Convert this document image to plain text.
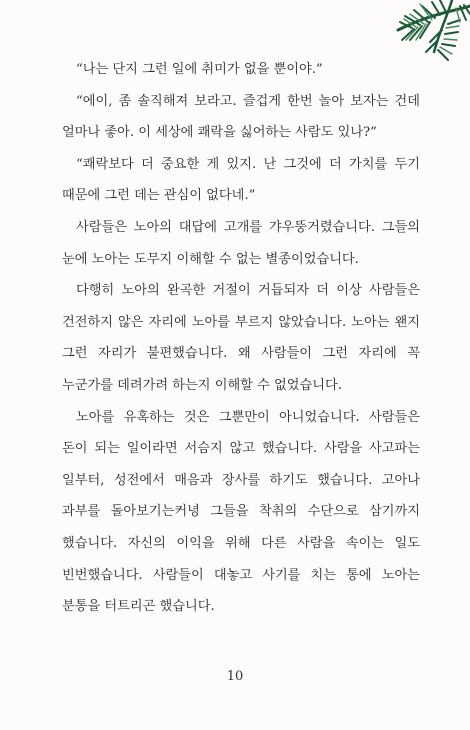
“나는 단지 그런 일에 취미가 없을 뿐이야.”

“에이, 좀 솔직해져 보라고. 즐겁게 한번 놀아 보자는 건데 얼마나 좋아. 이 세상에 쾌락을 싫어하는 사람도 있나?”

“쾌락보다 더 중요한 게 있지. 난 그것에 더 가치를 두기 때문에 그런 데는 관심이 없다네.”

사람들은 노아의 대답에 고개를 갸우뚱거렸습니다. 그들의 눈에 노아는 도무지 이해할 수 없는 별종이었습니다.

다행히 노아의 완곡한 거절이 거듭되자 더 이상 사람들은 건전하지 않은 자리에 노아를 부르지 않았습니다. 노아는 왠지 그런 자리가 불편했습니다. 왜 사람들이 그런 자리에 꼭 누군가를 데려가려 하는지 이해할 수 없었습니다.

노아를 유혹하는 것은 그뿐만이 아니었습니다. 사람들은 돈이 되는 일이라면 서슴지 않고 했습니다. 사람을 사고파는 일부터, 성전에서 매음과 장사를 하기도 했습니다. 고아나 과부를 돌아보기는커녕 그들을 착취의 수단으로 삼기까지 했습니다. 자신의 이익을 위해 다른 사람을 속이는 일도 빈번했습니다. 사람들이 대놓고 사기를 치는 통에 노아는 분통을 터트리곤 했습니다.

10
